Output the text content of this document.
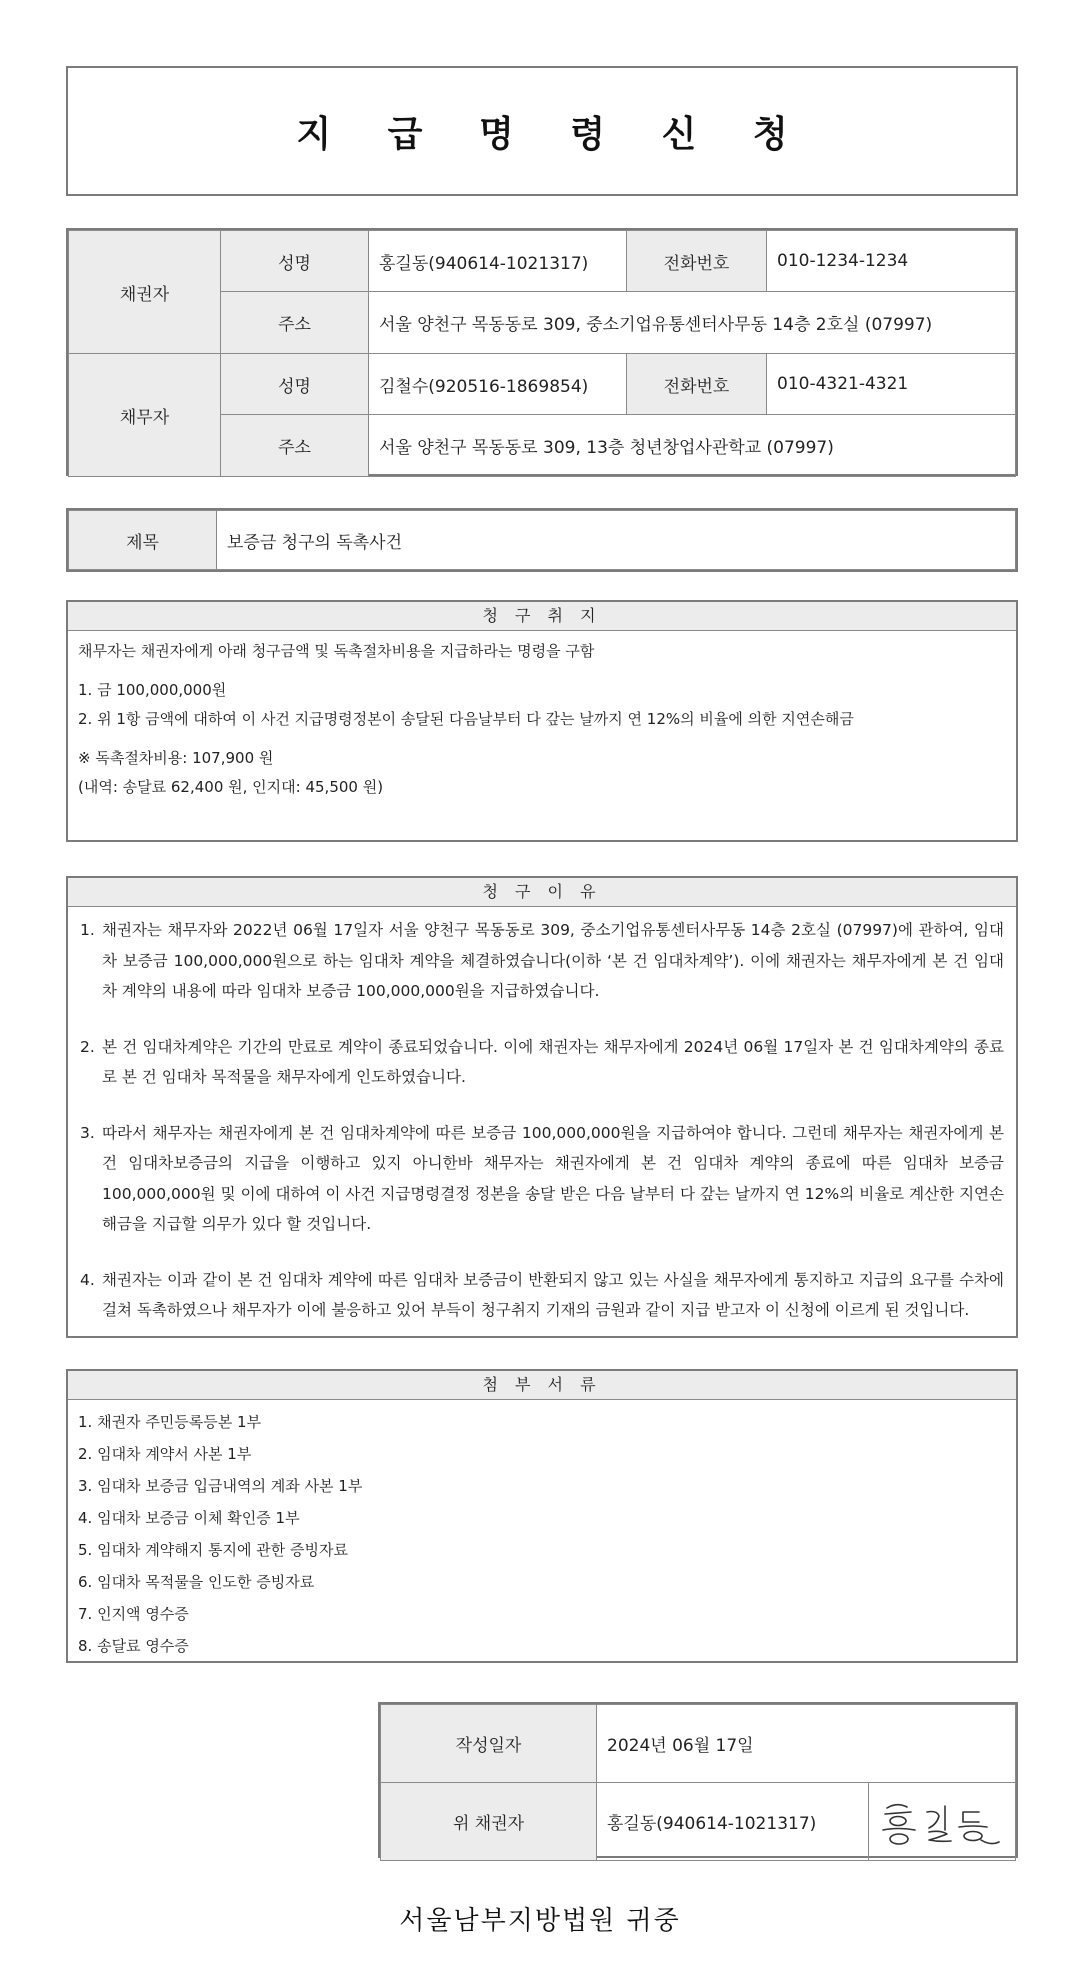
지 급 명 령 신 청
채권자	성명	홍길동(940614-1021317)	전화번호	010-1234-1234
	주소	서울 양천구 목동동로 309, 중소기업유통센터사무동 14층 2호실 (07997)		
채무자	성명	김철수(920516-1869854)	전화번호	010-4321-4321
	주소	서울 양천구 목동동로 309, 13층 청년창업사관학교 (07997)		
제목	보증금 청구의 독촉사건
청 구 취 지
채무자는 채권자에게 아래 청구금액 및 독촉절차비용을 지급하라는 명령을 구함
1. 금 100,000,000원
2. 위 1항 금액에 대하여 이 사건 지급명령정본이 송달된 다음날부터 다 갚는 날까지 연 12%의 비율에 의한 지연손해금
※ 독촉절차비용: 107,900 원
(내역: 송달료 62,400 원, 인지대: 45,500 원)
청 구 이 유
1. 채권자는 채무자와 2022년 06월 17일자 서울 양천구 목동동로 309, 중소기업유통센터사무동 14층 2호실 (07997)에 관하여, 임대차 보증금 100,000,000원으로 하는 임대차 계약을 체결하였습니다(이하 ‘본 건 임대차계약’). 이에 채권자는 채무자에게 본 건 임대차 계약의 내용에 따라 임대차 보증금 100,000,000원을 지급하였습니다.
2. 본 건 임대차계약은 기간의 만료로 계약이 종료되었습니다. 이에 채권자는 채무자에게 2024년 06월 17일자 본 건 임대차계약의 종료로 본 건 임대차 목적물을 채무자에게 인도하였습니다.
3. 따라서 채무자는 채권자에게 본 건 임대차계약에 따른 보증금 100,000,000원을 지급하여야 합니다. 그런데 채무자는 채권자에게 본 건 임대차보증금의 지급을 이행하고 있지 아니한바 채무자는 채권자에게 본 건 임대차 계약의 종료에 따른 임대차 보증금 100,000,000원 및 이에 대하여 이 사건 지급명령결정 정본을 송달 받은 다음 날부터 다 갚는 날까지 연 12%의 비율로 계산한 지연손해금을 지급할 의무가 있다 할 것입니다.
4. 채권자는 이과 같이 본 건 임대차 계약에 따른 임대차 보증금이 반환되지 않고 있는 사실을 채무자에게 통지하고 지급의 요구를 수차에 걸쳐 독촉하였으나 채무자가 이에 불응하고 있어 부득이 청구취지 기재의 금원과 같이 지급 받고자 이 신청에 이르게 된 것입니다.
첨 부 서 류
1. 채권자 주민등록등본 1부
2. 임대차 계약서 사본 1부
3. 임대차 보증금 입금내역의 계좌 사본 1부
4. 임대차 보증금 이체 확인증 1부
5. 임대차 계약해지 통지에 관한 증빙자료
6. 임대차 목적물을 인도한 증빙자료
7. 인지액 영수증
8. 송달료 영수증
작성일자	2024년 06월 17일	
위 채권자	홍길동(940614-1021317)	
서울남부지방법원 귀중
